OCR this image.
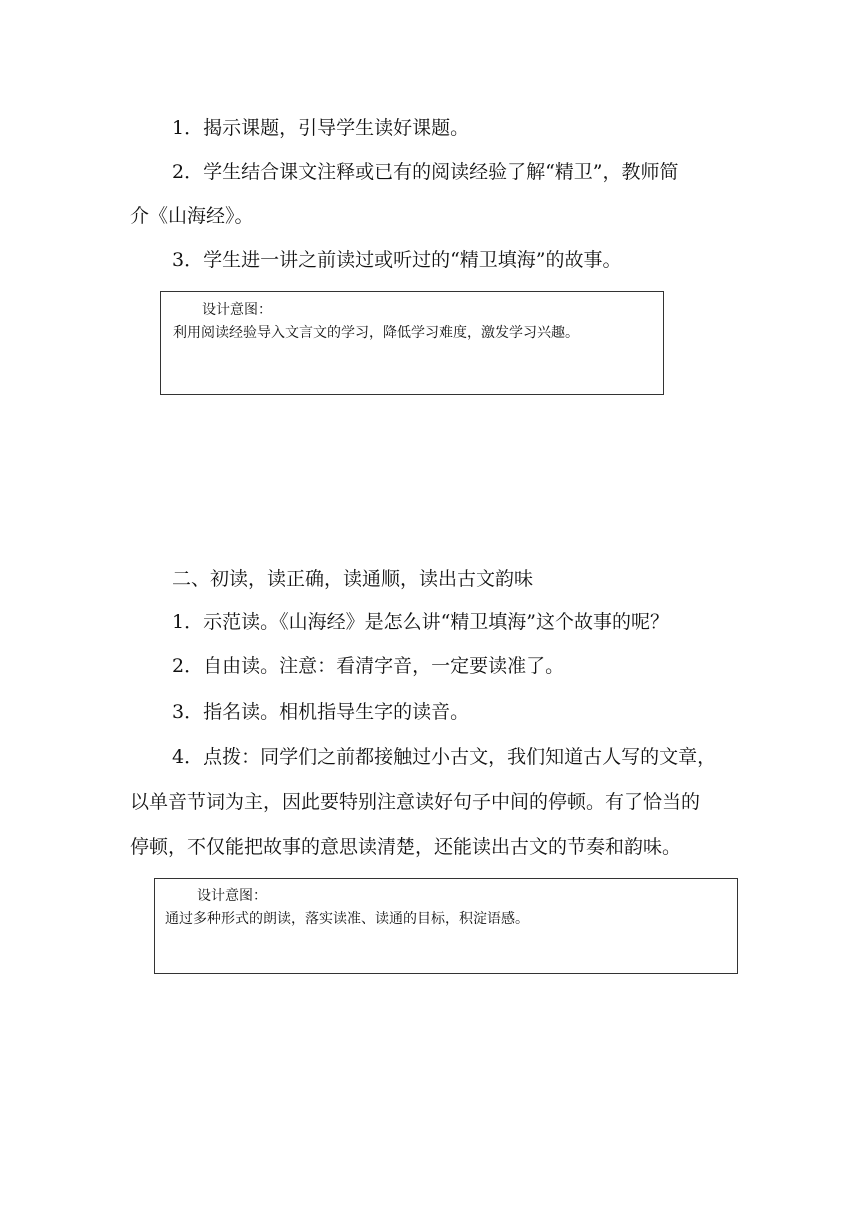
1．揭示课题，引导学生读好课题。
2．学生结合课文注释或已有的阅读经验了解“精卫”，教师简
介《山海经》。
3．学生进一讲之前读过或听过的“精卫填海”的故事。
设计意图：
利用阅读经验导入文言文的学习，降低学习难度，激发学习兴趣。
二、初读，读正确，读通顺，读出古文韵味
1．示范读。《山海经》是怎么讲“精卫填海”这个故事的呢？
2．自由读。注意：看清字音，一定要读准了。
3．指名读。相机指导生字的读音。
4．点拨：同学们之前都接触过小古文，我们知道古人写的文章，
以单音节词为主，因此要特别注意读好句子中间的停顿。有了恰当的
停顿，不仅能把故事的意思读清楚，还能读出古文的节奏和韵味。
设计意图：
通过多种形式的朗读，落实读准、读通的目标，积淀语感。
